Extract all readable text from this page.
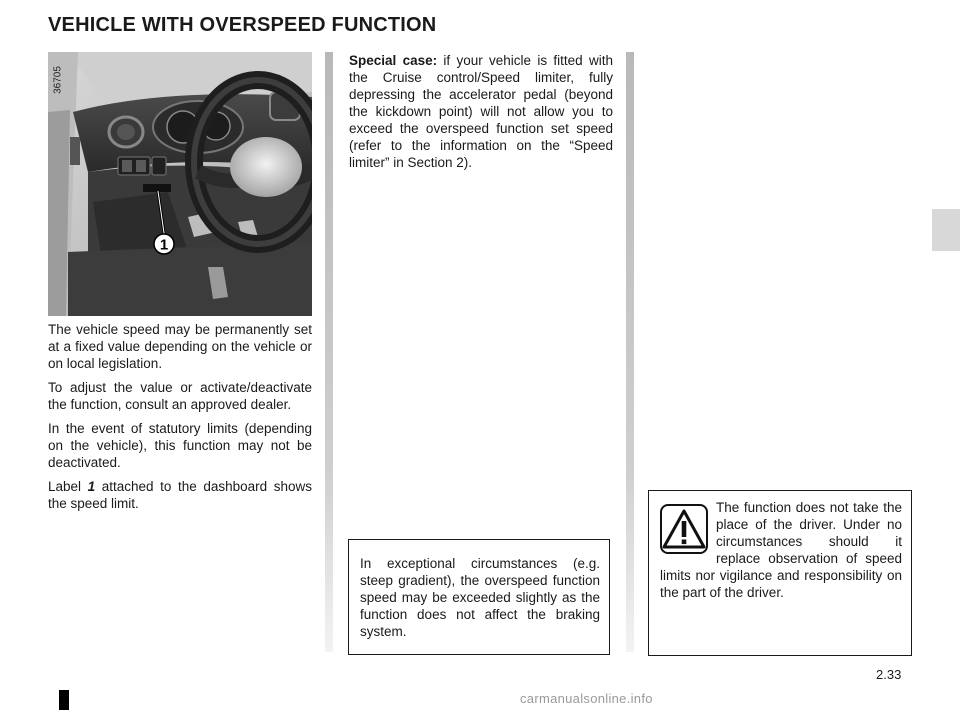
VEHICLE WITH OVERSPEED FUNCTION
1
36705

The vehicle speed may be permanently set at a fixed value depending on the vehicle or on local legislation.

To adjust the value or activate/deactivate the function, consult an approved dealer.

In the event of statutory limits (depending on the vehicle), this function may not be deactivated.

Label 1 attached to the dashboard shows the speed limit.

Special case: if your vehicle is fitted with the Cruise control/Speed limiter, fully depressing the accelerator pedal (beyond the kickdown point) will not allow you to exceed the overspeed function set speed (refer to the information on the “Speed limiter” in Section 2).

In exceptional circumstances (e.g. steep gradient), the overspeed function speed may be exceeded slightly as the function does not affect the braking system.
The function does not take the place of the driver. Under no circumstances should it replace observation of speed limits nor vigilance and responsibility on the part of the driver.
2.33
carmanualsonline.info
